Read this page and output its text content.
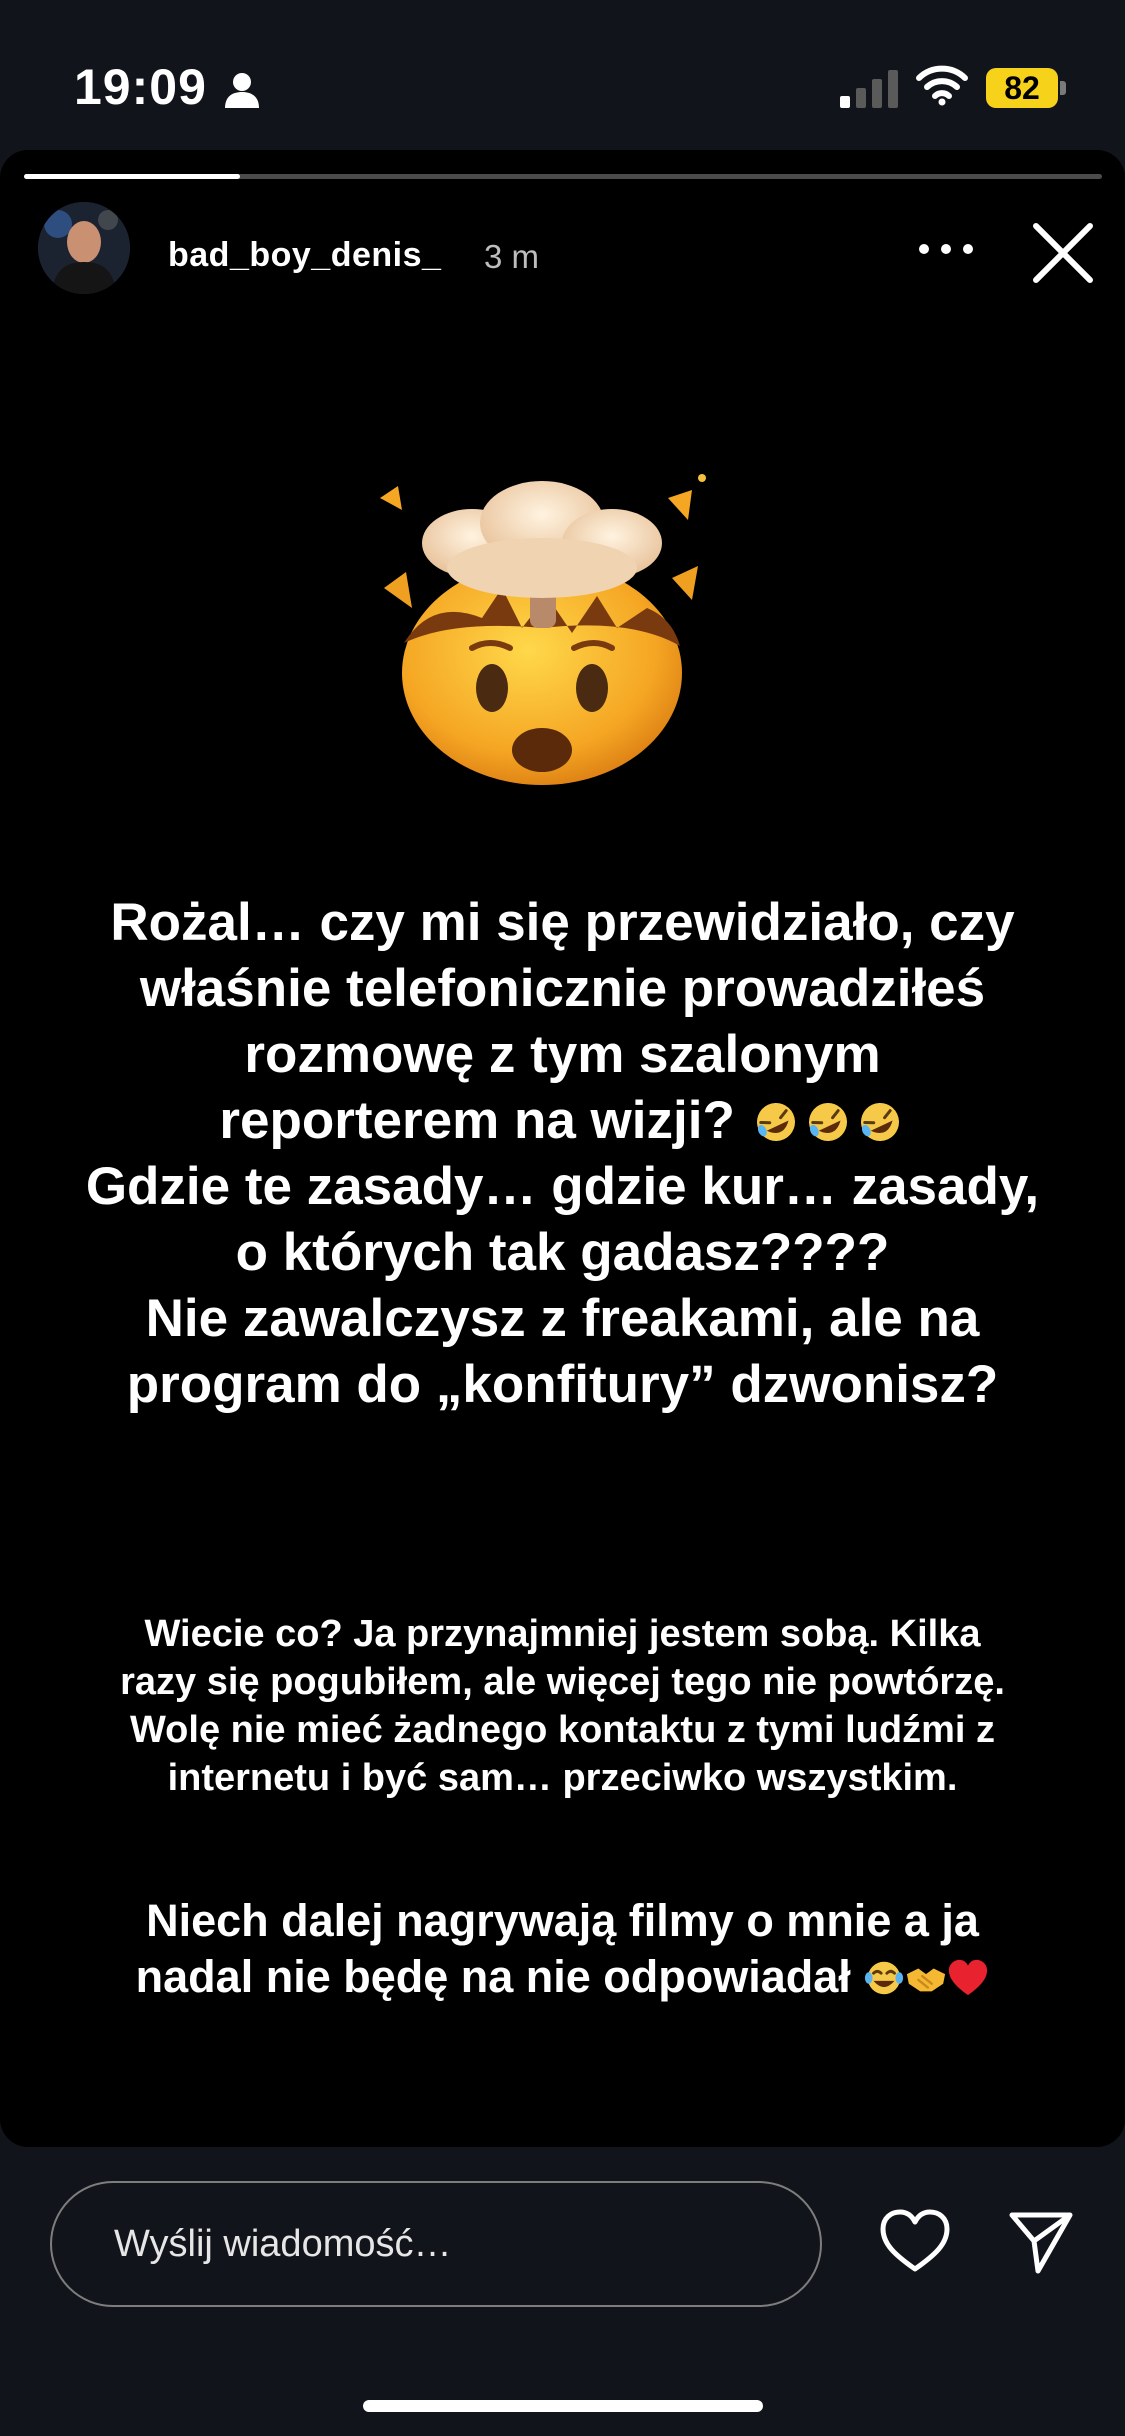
19:09	82
bad_boy_denis_ 3 m
Rożal… czy mi się przewidziało, czy
właśnie telefonicznie prowadziłeś
rozmowę z tym szalonym
reporterem na wizji?
Gdzie te zasady… gdzie kur… zasady,
o których tak gadasz????
Nie zawalczysz z freakami, ale na
program do „konfitury” dzwonisz?
Wiecie co? Ja przynajmniej jestem sobą. Kilka
razy się pogubiłem, ale więcej tego nie powtórzę.
Wolę nie mieć żadnego kontaktu z tymi ludźmi z
internetu i być sam… przeciwko wszystkim.
Niech dalej nagrywają filmy o mnie a ja
nadal nie będę na nie odpowiadał
Wyślij wiadomość…
